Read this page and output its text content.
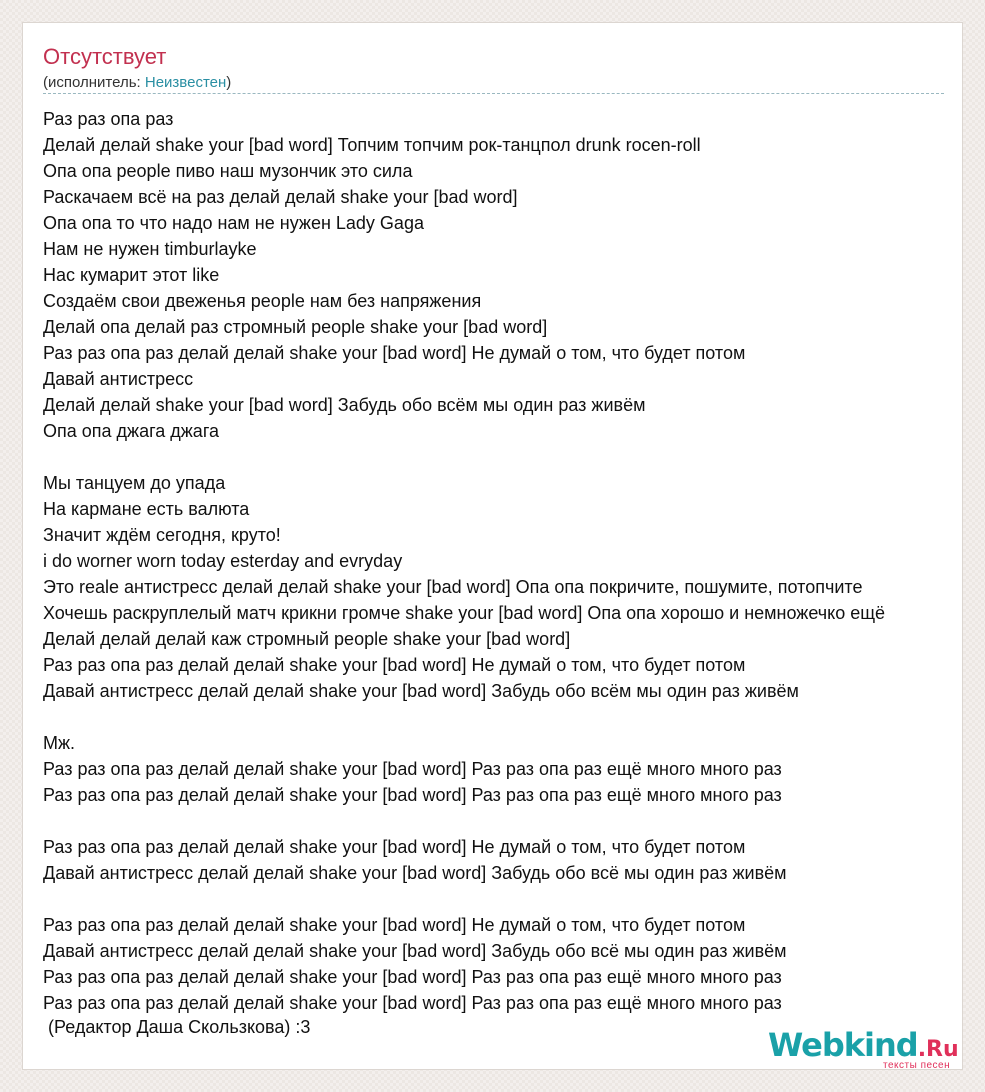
Отсутствует
(исполнитель: Неизвестен)
Раз раз опа раз
Делай делай shake your [bad word] Топчим топчим рок-танцпол drunk rocen-roll
Опа опа people пиво наш музончик это сила
Раскачаем всё на раз делай делай shake your [bad word]
Опа опа то что надо нам не нужен Lady Gaga
Нам не нужен timburlayke
Нас кумарит этот like
Создаём свои двеженья people нам без напряжения
Делай опа делай раз стромный people shake your [bad word]
Раз раз опа раз делай делай shake your [bad word] Не думай о том, что будет потом
Давай антистресс
Делай делай shake your [bad word] Забудь обо всём мы один раз живём
Опа опа джага джага
Мы танцуем до упада
На кармане есть валюта
Значит ждём сегодня, круто!
i do worner worn today esterday and evryday
Это reale антистресс делай делай shake your [bad word] Опа опа покричите, пошумите, потопчите
Хочешь раскруплелый матч крикни громче shake your [bad word] Опа опа хорошо и немножечко ещё
Делай делай делай каж стромный people shake your [bad word]
Раз раз опа раз делай делай shake your [bad word] Не думай о том, что будет потом
Давай антистресс делай делай shake your [bad word] Забудь обо всём мы один раз живём
Мж.
Раз раз опа раз делай делай shake your [bad word] Раз раз опа раз ещё много много раз
Раз раз опа раз делай делай shake your [bad word] Раз раз опа раз ещё много много раз
Раз раз опа раз делай делай shake your [bad word] Не думай о том, что будет потом
Давай антистресс делай делай shake your [bad word] Забудь обо всё мы один раз живём
Раз раз опа раз делай делай shake your [bad word] Не думай о том, что будет потом
Давай антистресс делай делай shake your [bad word] Забудь обо всё мы один раз живём
Раз раз опа раз делай делай shake your [bad word] Раз раз опа раз ещё много много раз
Раз раз опа раз делай делай shake your [bad word] Раз раз опа раз ещё много много раз
(Редактор Даша Скользкова) :3	Webkind.Ru
тексты песен
